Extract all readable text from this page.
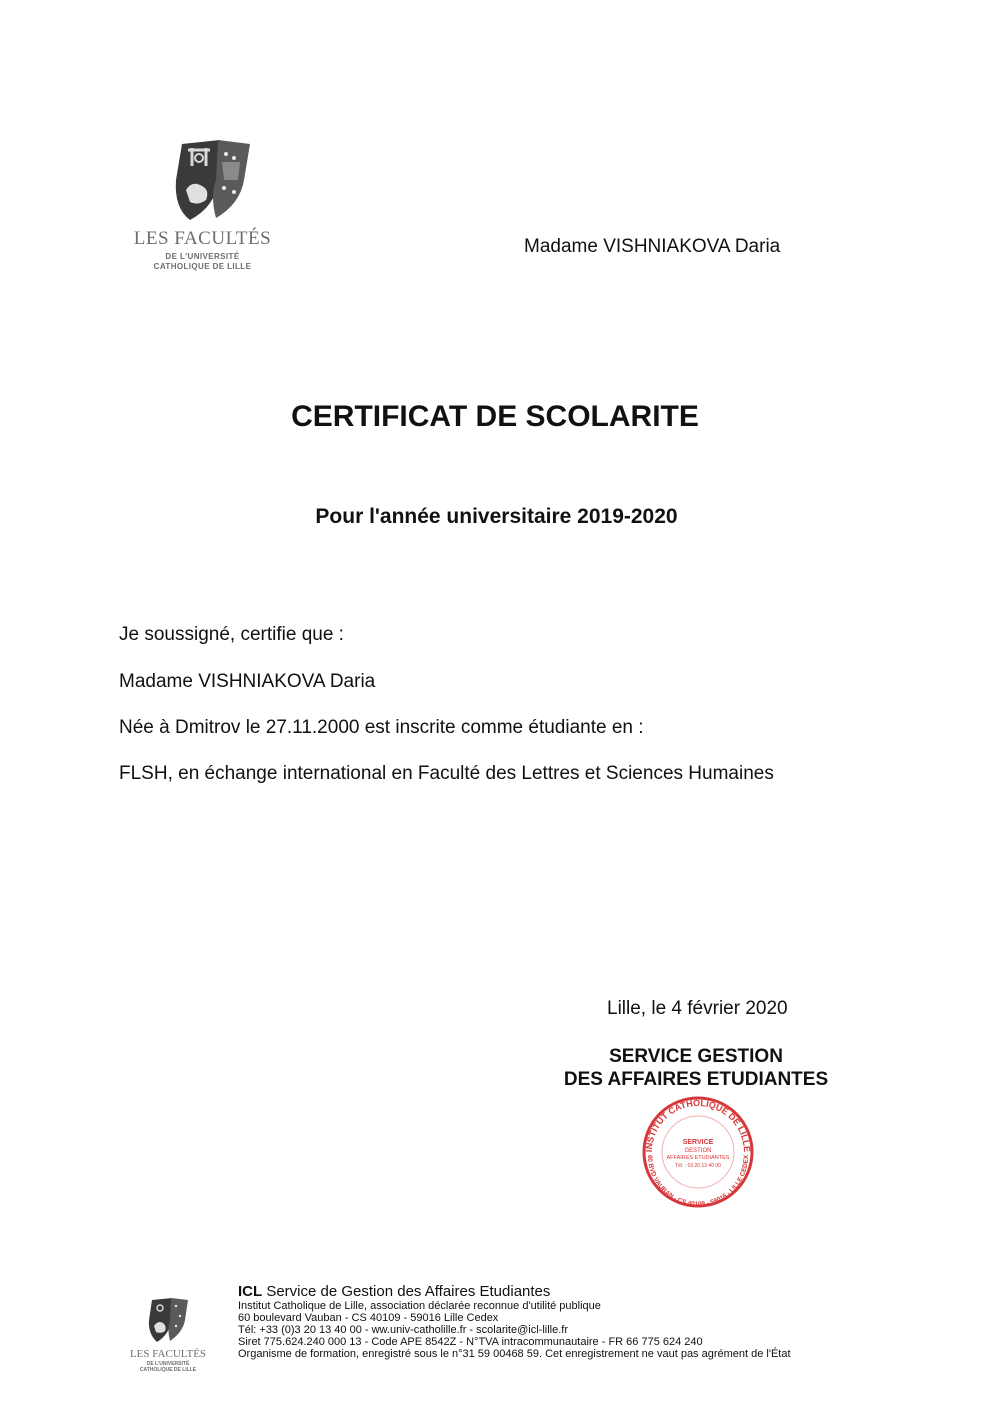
LES FACULTÉS
DE L'UNIVERSITÉ
CATHOLIQUE DE LILLE
Madame VISHNIAKOVA Daria
CERTIFICAT DE SCOLARITE
Pour l'année universitaire 2019-2020
Je soussigné, certifie que :
Madame VISHNIAKOVA Daria
Née à Dmitrov le 27.11.2000 est inscrite comme étudiante en :
FLSH, en échange international en Faculté des Lettres et Sciences Humaines
Lille, le 4 février 2020
SERVICE GESTION
DES AFFAIRES ETUDIANTES
INSTITUT CATHOLIQUE DE LILLE
60 BVD VAUBAN - CS 40109 - 59016 - LILLE CEDEX
SERVICE
GESTION
AFFAIRES ETUDIANTES
Tél. : 03 20 13 40 00
LES FACULTÉS
DE L'UNIVERSITÉ
CATHOLIQUE DE LILLE
ICL Service de Gestion des Affaires Etudiantes
Institut Catholique de Lille, association déclarée reconnue d'utilité publique
60 boulevard Vauban - CS 40109 - 59016 Lille Cedex
Tél: +33 (0)3 20 13 40 00 - ww.univ-catholille.fr - scolarite@icl-lille.fr
Siret 775.624.240 000 13 - Code APE 8542Z - N°TVA intracommunautaire - FR 66 775 624 240
Organisme de formation, enregistré sous le n°31 59 00468 59. Cet enregistrement ne vaut pas agrément de l'État
